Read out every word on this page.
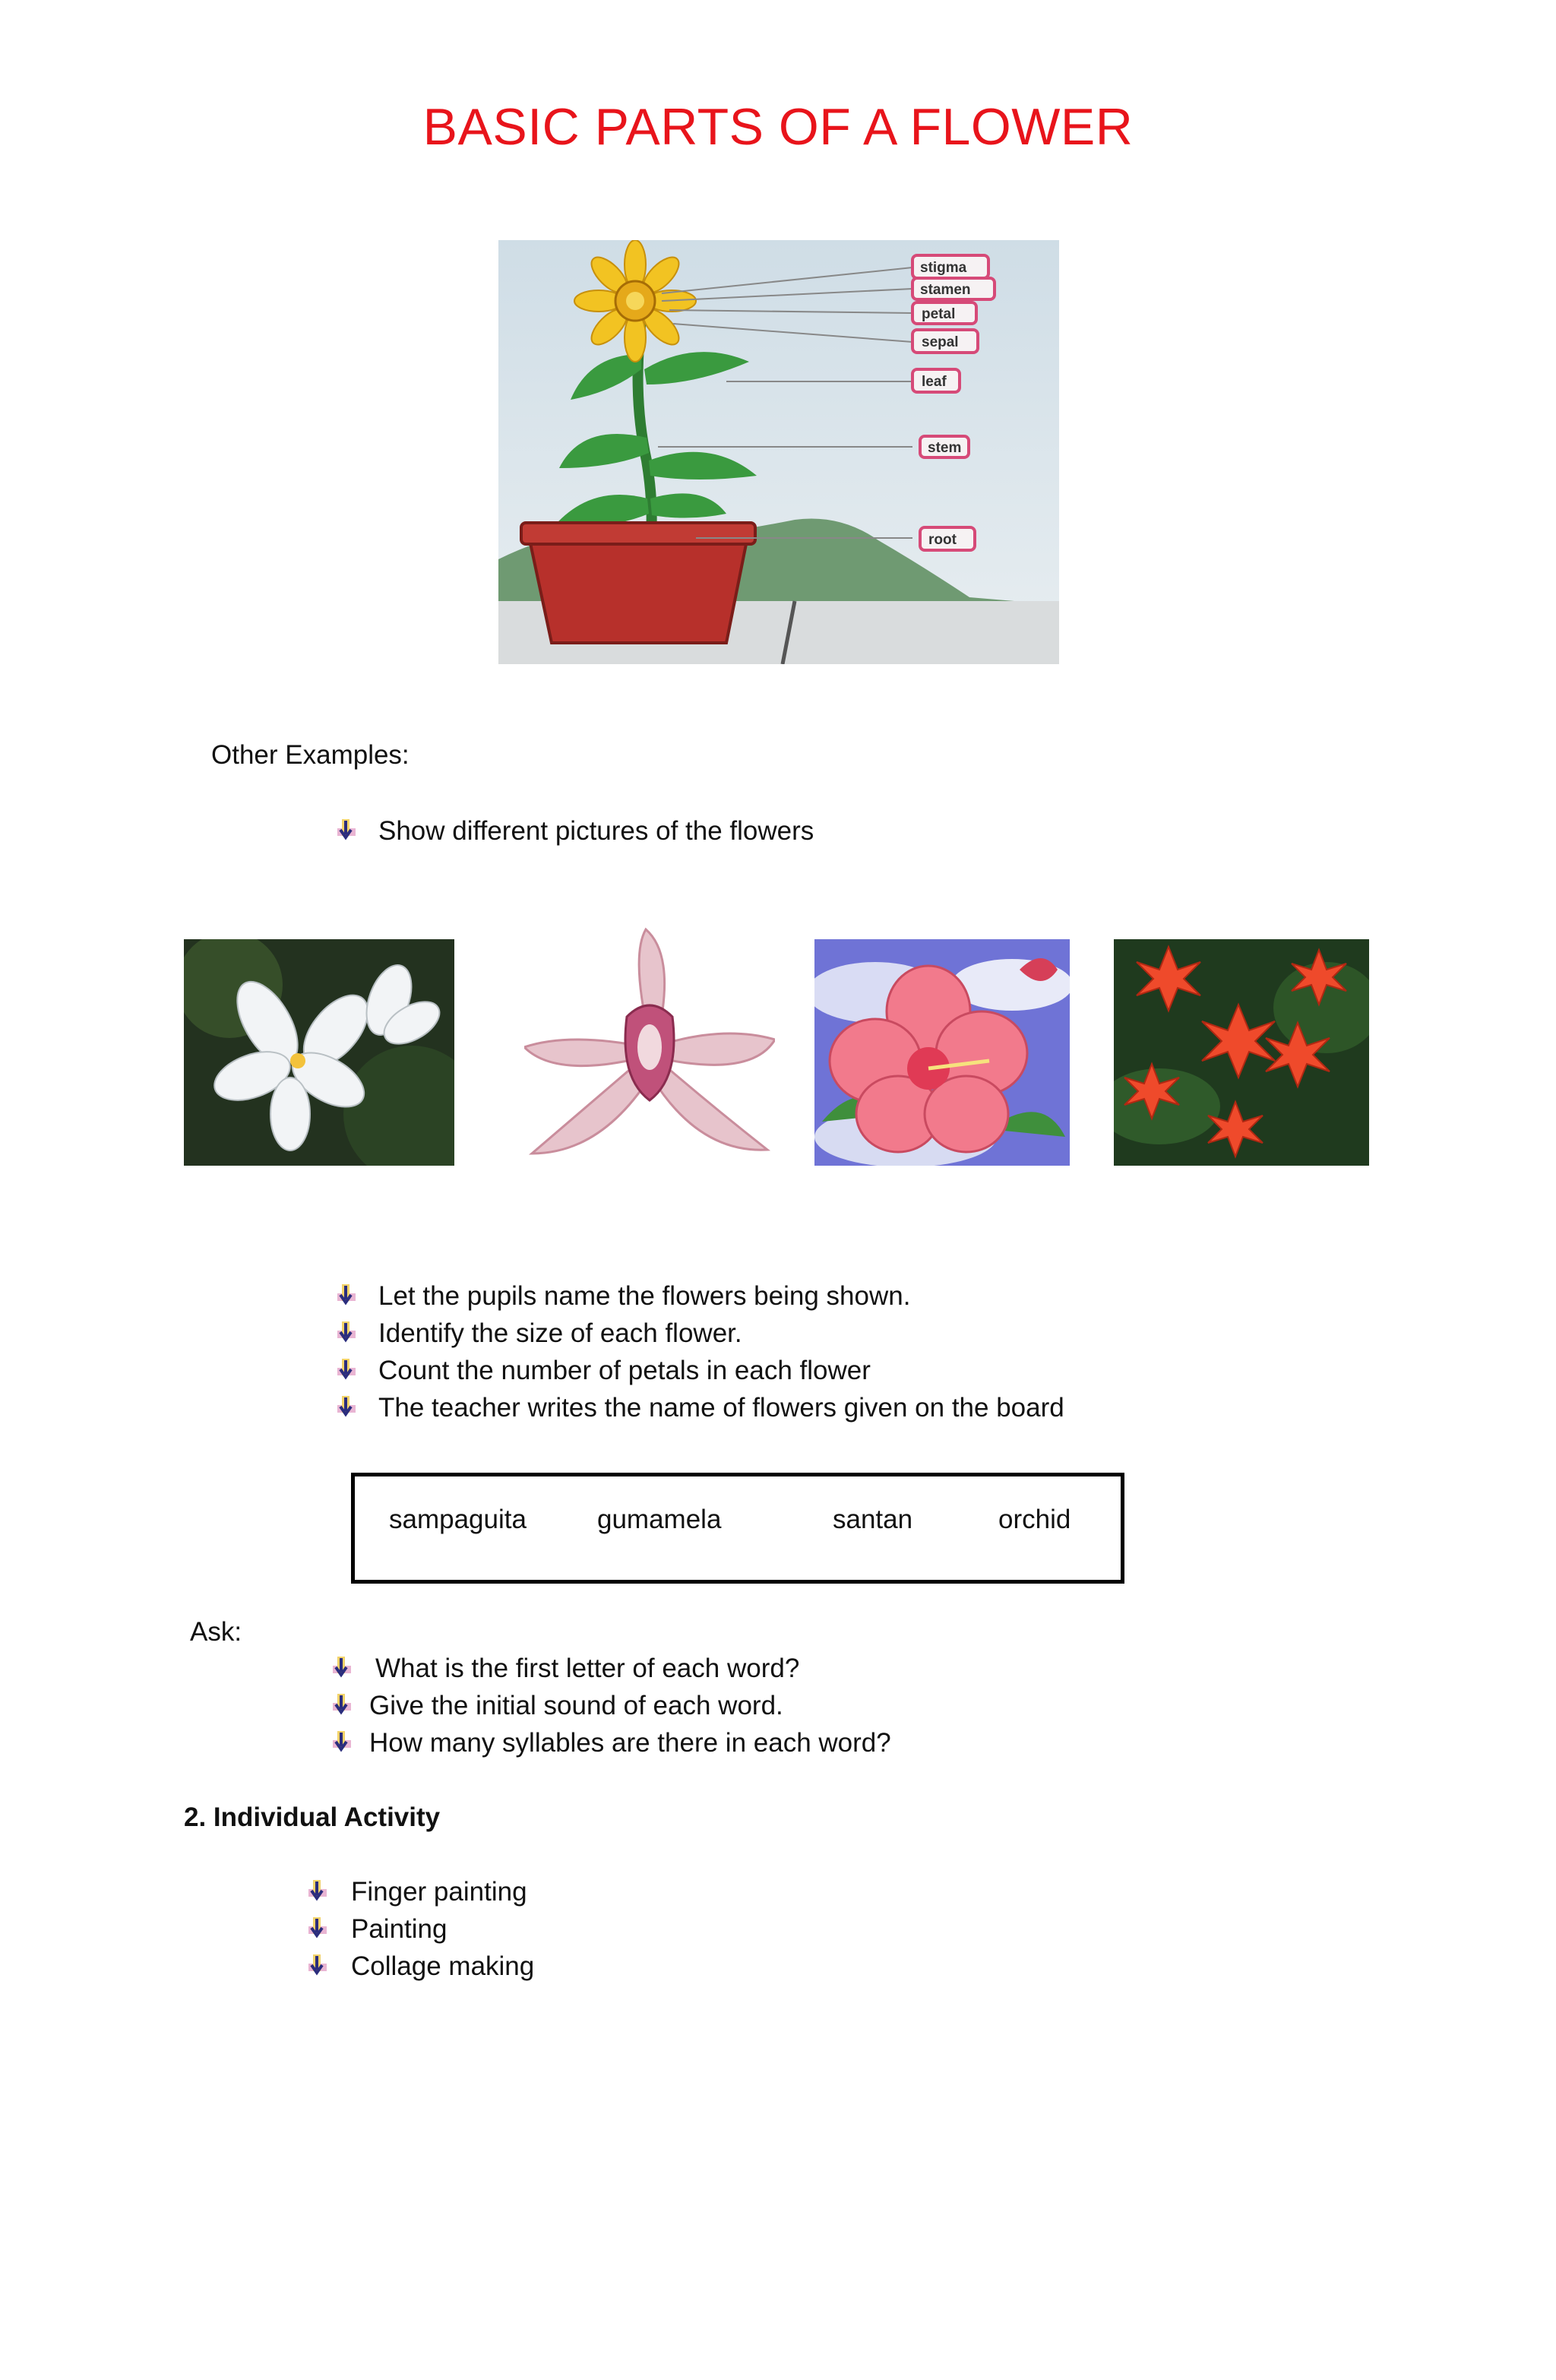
BASIC PARTS OF A FLOWER
stigma
stamen
petal
sepal
leaf
stem
root
Other Examples:
Show different pictures of the flowers
Let the pupils name the flowers being shown.
Identify the size of each flower.
Count the number of petals in each flower
The teacher writes the name of flowers given on the board
sampaguita	gumamela	santan	orchid
Ask:
What is the first letter of each word?
Give the initial sound of each word.
How many syllables are there in each word?
2. Individual Activity
Finger painting
Painting
Collage making
